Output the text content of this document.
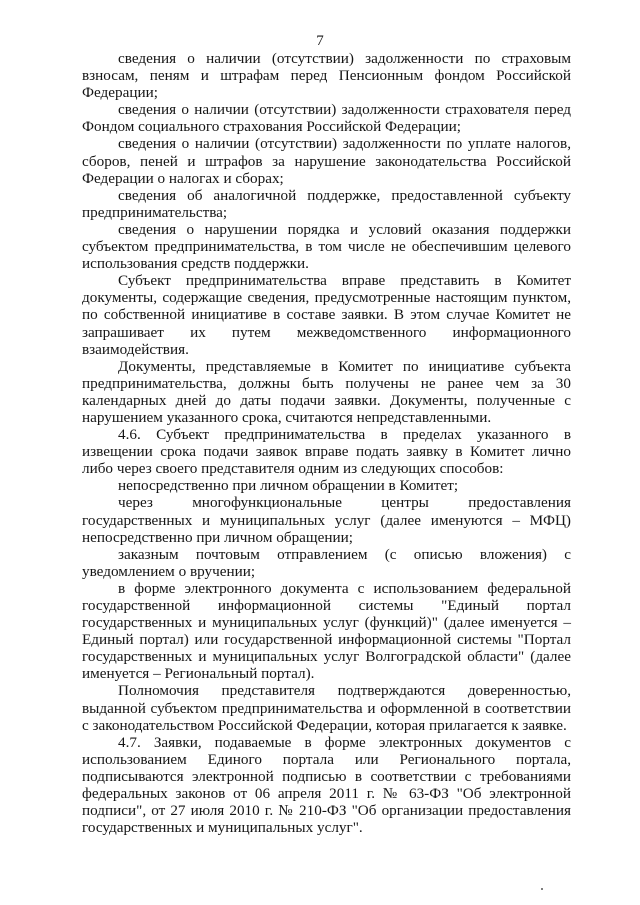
7

сведения о наличии (отсутствии) задолженности по страховым взносам, пеням и штрафам перед Пенсионным фондом Российской Федерации;

сведения о наличии (отсутствии) задолженности страхователя перед Фондом социального страхования Российской Федерации;

сведения о наличии (отсутствии) задолженности по уплате налогов, сборов, пеней и штрафов за нарушение законодательства Российской Федерации о налогах и сборах;

сведения об аналогичной поддержке, предоставленной субъекту предпринимательства;

сведения о нарушении порядка и условий оказания поддержки субъектом предпринимательства, в том числе не обеспечившим целевого использования средств поддержки.

Субъект предпринимательства вправе представить в Комитет документы, содержащие сведения, предусмотренные настоящим пунктом, по собственной инициативе в составе заявки. В этом случае Комитет не запрашивает их путем межведомственного информационного взаимодействия.

Документы, представляемые в Комитет по инициативе субъекта предпринимательства, должны быть получены не ранее чем за 30 календарных дней до даты подачи заявки. Документы, полученные с нарушением указанного срока, считаются непредставленными.

4.6. Субъект предпринимательства в пределах указанного в извещении срока подачи заявок вправе подать заявку в Комитет лично либо через своего представителя одним из следующих способов:

непосредственно при личном обращении в Комитет;

через многофункциональные центры предоставления государственных и муниципальных услуг (далее именуются – МФЦ) непосредственно при личном обращении;

заказным почтовым отправлением (с описью вложения) с уведомлением о вручении;

в форме электронного документа с использованием федеральной государственной информационной системы "Единый портал государственных и муниципальных услуг (функций)" (далее именуется – Единый портал) или государственной информационной системы "Портал государственных и муниципальных услуг Волгоградской области" (далее именуется – Региональный портал).

Полномочия представителя подтверждаются доверенностью, выданной субъектом предпринимательства и оформленной в соответствии с законодательством Российской Федерации, которая прилагается к заявке.

4.7. Заявки, подаваемые в форме электронных документов с использованием Единого портала или Регионального портала, подписываются электронной подписью в соответствии с требованиями федеральных законов от 06 апреля 2011 г. № 63-ФЗ "Об электронной подписи", от 27 июля 2010 г. № 210-ФЗ "Об организации предоставления государственных и муниципальных услуг".
